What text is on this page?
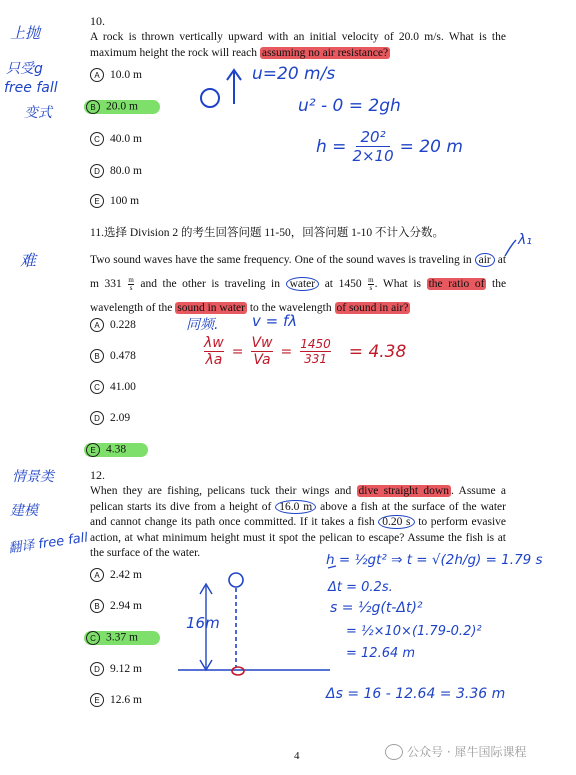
10.
A rock is thrown vertically upward with an initial velocity of 20.0 m/s. What is the maximum height the rock will reach assuming no air resistance?
A 10.0 m
B 20.0 m
C 40.0 m
D 80.0 m
E 100 m
上抛
只受g
free fall
变式
u=20 m/s
u² - 0 = 2gh
$h = \frac{\text{20²}}{2\times 10} = 20$ m
11.选择 Division 2 的考生回答问题 11-50，回答问题 1-10 不计入分数。
Two sound waves have the same frequency. One of the sound waves is traveling in air at m $331 \frac{m}{s}$ and the other is traveling in water at $1450 \frac{m}{s}$ . What is the ratio of the wavelength of the sound in water to the wavelength of sound in air?
A 0.228
B 0.478
C 41.00
D 2.09
E 4.38
难
λ₁
同频. v = fλ
$\frac{\lambda w}{\lambda a} = \frac{Vw}{Va} = \frac{1450}{331} = 4.38$
12.
When they are fishing, pelicans tuck their wings and dive straight down . Assume a pelican starts its dive from a height of 16.0 m above a fish at the surface of the water and cannot change its path once committed. If it takes a fish 0.20 s to perform evasive action, at what minimum height must it spot the pelican to escape? Assume the fish is at the surface of the water.
A 2.42 m
B 2.94 m
C 3.37 m
D 9.12 m
E 12.6 m
情景类
建模
翻译 free fall
h = ½gt² ⇒ t = √(2h/g) = 1.79 s
Δt = 0.2s.
s = ½g(t-Δt)²
= ½×10×(1.79-0.2)²
= 12.64 m
Δs = 16 - 12.64 = 3.36 m
16m
4	公众号 · 犀牛国际课程
